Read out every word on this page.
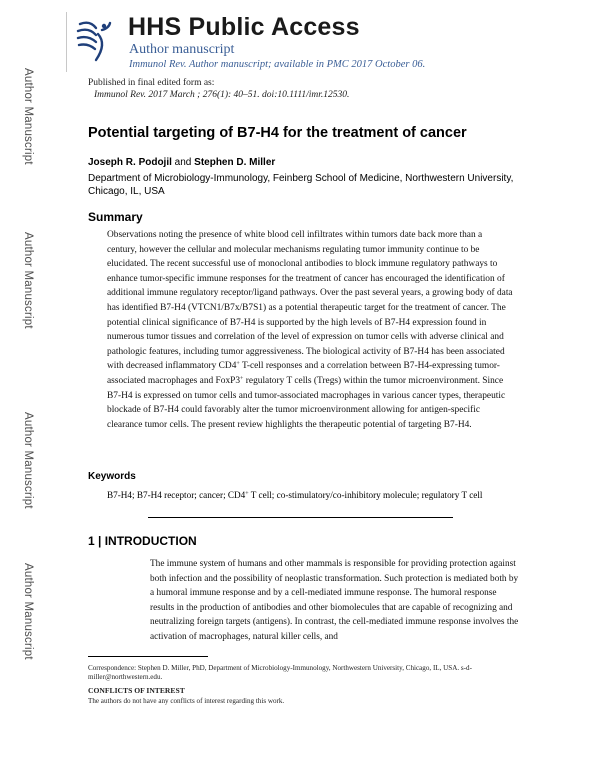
Author Manuscript
Author Manuscript
Author Manuscript
Author Manuscript
HHS Public Access
Author manuscript
Immunol Rev. Author manuscript; available in PMC 2017 October 06.
Published in final edited form as:
Immunol Rev. 2017 March ; 276(1): 40–51. doi:10.1111/imr.12530.
Potential targeting of B7-H4 for the treatment of cancer
Joseph R. Podojil and Stephen D. Miller
Department of Microbiology-Immunology, Feinberg School of Medicine, Northwestern University, Chicago, IL, USA
Summary
Observations noting the presence of white blood cell infiltrates within tumors date back more than a century, however the cellular and molecular mechanisms regulating tumor immunity continue to be elucidated. The recent successful use of monoclonal antibodies to block immune regulatory pathways to enhance tumor-specific immune responses for the treatment of cancer has encouraged the identification of additional immune regulatory receptor/ligand pathways. Over the past several years, a growing body of data has identified B7-H4 (VTCN1/B7x/B7S1) as a potential therapeutic target for the treatment of cancer. The potential clinical significance of B7-H4 is supported by the high levels of B7-H4 expression found in numerous tumor tissues and correlation of the level of expression on tumor cells with adverse clinical and pathologic features, including tumor aggressiveness. The biological activity of B7-H4 has been associated with decreased inflammatory CD4+ T-cell responses and a correlation between B7-H4-expressing tumor-associated macrophages and FoxP3+ regulatory T cells (Tregs) within the tumor microenvironment. Since B7-H4 is expressed on tumor cells and tumor-associated macrophages in various cancer types, therapeutic blockade of B7-H4 could favorably alter the tumor microenvironment allowing for antigen-specific clearance tumor cells. The present review highlights the therapeutic potential of targeting B7-H4.
Keywords
B7-H4; B7-H4 receptor; cancer; CD4+ T cell; co-stimulatory/co-inhibitory molecule; regulatory T cell
1 | INTRODUCTION
The immune system of humans and other mammals is responsible for providing protection against both infection and the possibility of neoplastic transformation. Such protection is mediated both by a humoral immune response and by a cell-mediated immune response. The humoral response results in the production of antibodies and other biomolecules that are capable of recognizing and neutralizing foreign targets (antigens). In contrast, the cell-mediated immune response involves the activation of macrophages, natural killer cells, and
Correspondence: Stephen D. Miller, PhD, Department of Microbiology-Immunology, Northwestern University, Chicago, IL, USA. s-d-miller@northwestern.edu.
CONFLICTS OF INTEREST
The authors do not have any conflicts of interest regarding this work.
